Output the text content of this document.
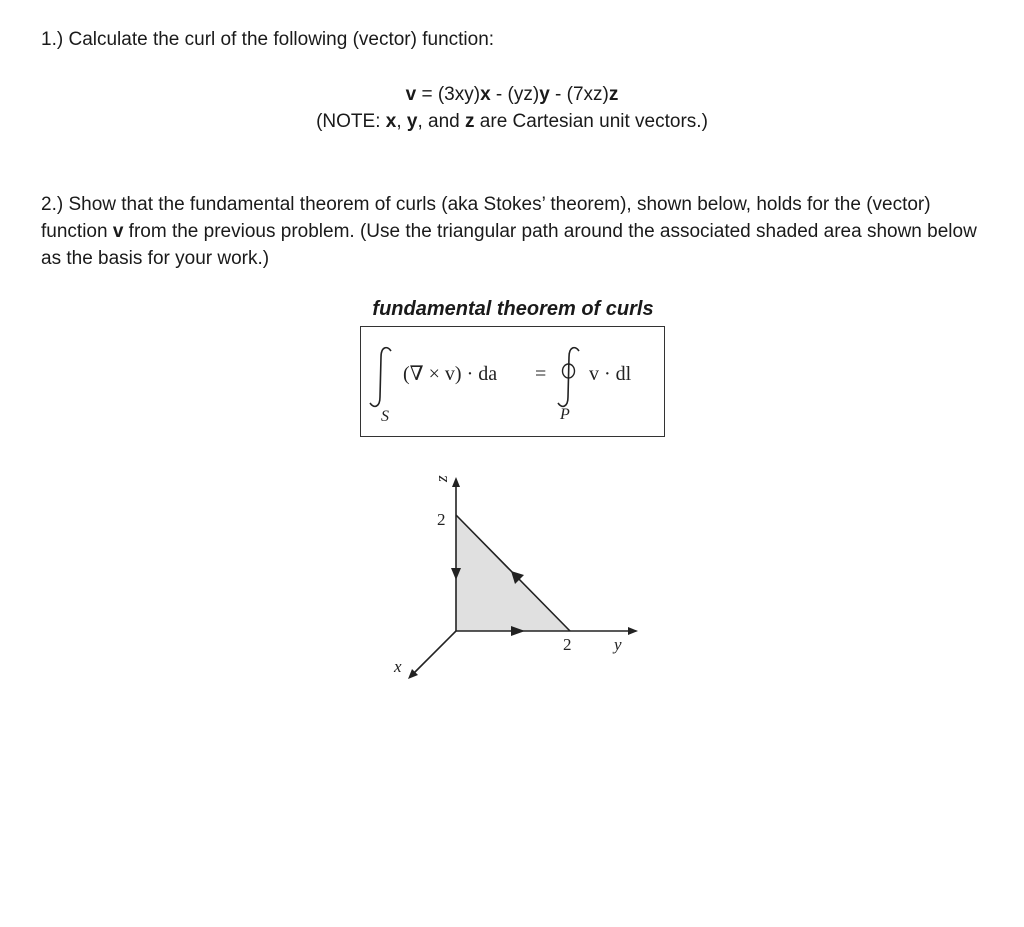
1.) Calculate the curl of the following (vector) function:
v = (3xy)x - (yz)y - (7xz)z
(NOTE: x, y, and z are Cartesian unit vectors.)
2.) Show that the fundamental theorem of curls (aka Stokes’ theorem), shown below, holds for the (vector) function v from the previous problem. (Use the triangular path around the associated shaded area shown below as the basis for your work.)
fundamental theorem of curls
S
(∇ × v) · da =
P
v · dl
z
2
2	y
x
